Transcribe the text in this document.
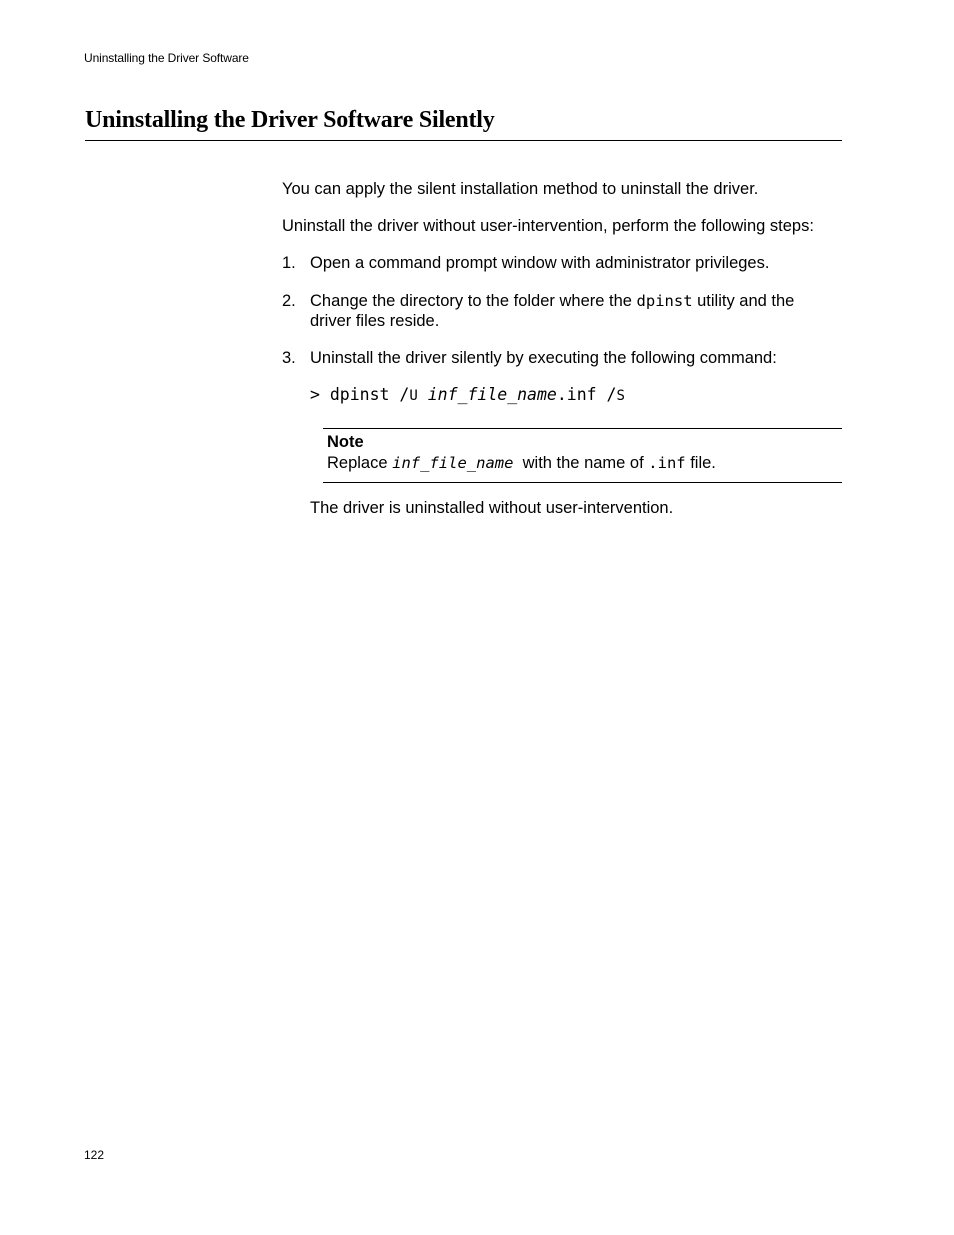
Uninstalling the Driver Software
Uninstalling the Driver Software Silently

You can apply the silent installation method to uninstall the driver.

Uninstall the driver without user-intervention, perform the following steps:

1. Open a command prompt window with administrator privileges.
2. Change the directory to the folder where the dpinst utility and the driver files reside.
3. Uninstall the driver silently by executing the following command:
> dpinst /U inf_file_name.inf /S
Note
Replace inf_file_name  with the name of .inf file.

The driver is uninstalled without user-intervention.

122
